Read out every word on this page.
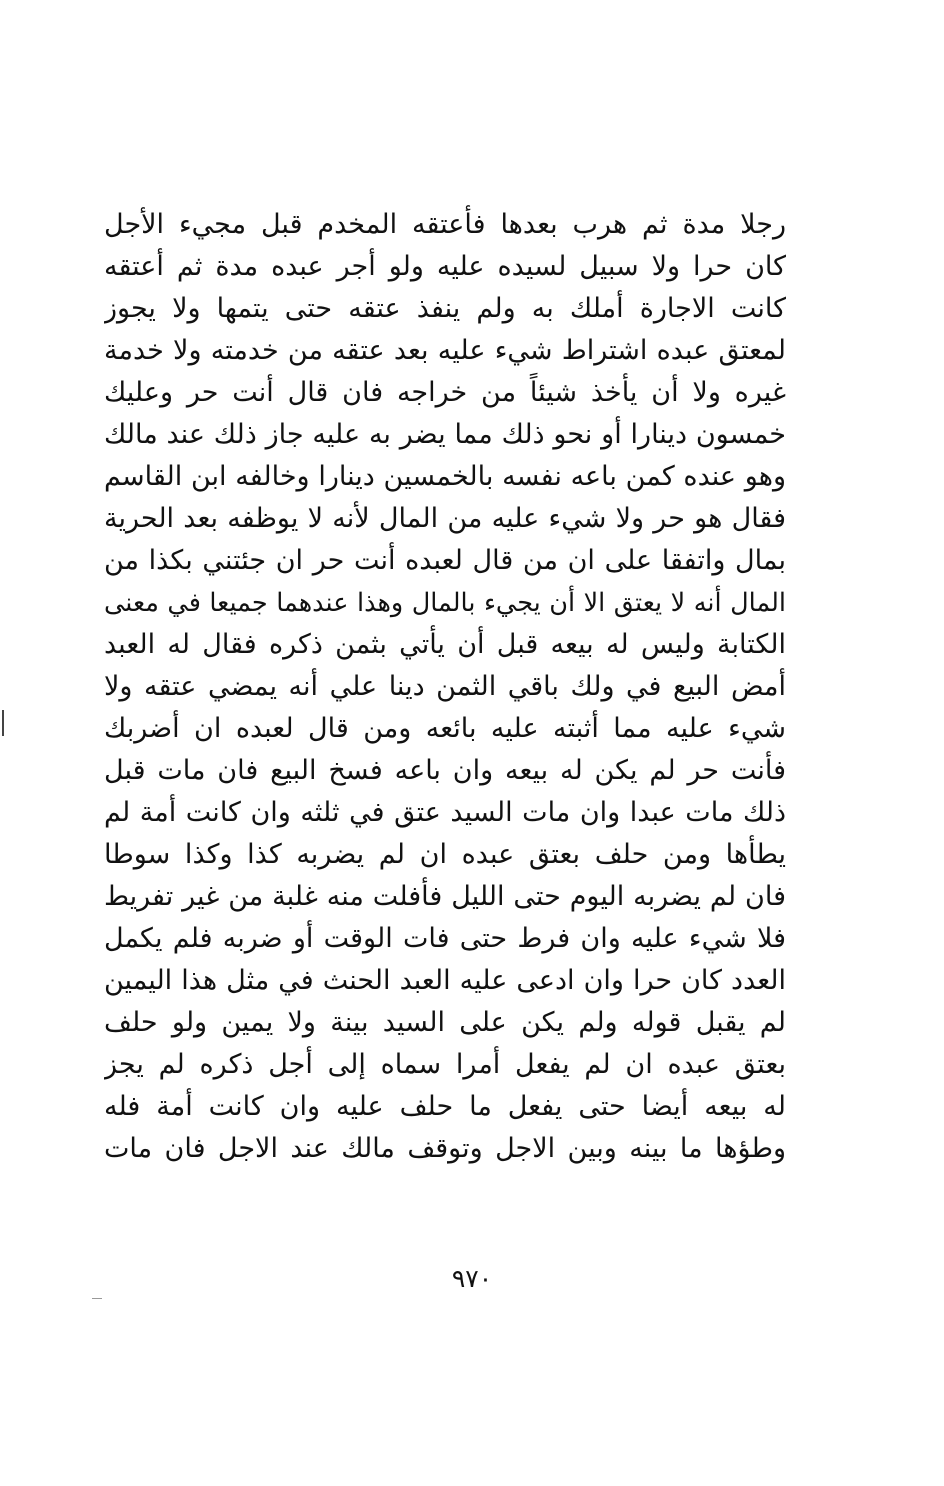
رجلا مدة ثم هرب بعدها فأعتقه المخدم قبل مجيء الأجل
كان حرا ولا سبيل لسيده عليه ولو أجر عبده مدة ثم أعتقه
كانت الاجارة أملك به ولم ينفذ عتقه حتى يتمها ولا يجوز
لمعتق عبده اشتراط شيء عليه بعد عتقه من خدمته ولا خدمة
غيره ولا أن يأخذ شيئاً من خراجه فان قال أنت حر وعليك
خمسون دينارا أو نحو ذلك مما يضر به عليه جاز ذلك عند مالك
وهو عنده كمن باعه نفسه بالخمسين دينارا وخالفه ابن القاسم
فقال هو حر ولا شيء عليه من المال لأنه لا يوظفه بعد الحرية
بمال واتفقا على ان من قال لعبده أنت حر ان جئتني بكذا من
المال أنه لا يعتق الا أن يجيء بالمال وهذا عندهما جميعا في معنى
الكتابة وليس له بيعه قبل أن يأتي بثمن ذكره فقال له العبد
أمض البيع في ولك باقي الثمن دينا علي أنه يمضي عتقه ولا
شيء عليه مما أثبته عليه بائعه ومن قال لعبده ان أضربك
فأنت حر لم يكن له بيعه وان باعه فسخ البيع فان مات قبل
ذلك مات عبدا وان مات السيد عتق في ثلثه وان كانت أمة لم
يطأها ومن حلف بعتق عبده ان لم يضربه كذا وكذا سوطا
فان لم يضربه اليوم حتى الليل فأفلت منه غلبة من غير تفريط
فلا شيء عليه وان فرط حتى فات الوقت أو ضربه فلم يكمل
العدد كان حرا وان ادعى عليه العبد الحنث في مثل هذا اليمين
لم يقبل قوله ولم يكن على السيد بينة ولا يمين ولو حلف
بعتق عبده ان لم يفعل أمرا سماه إلى أجل ذكره لم يجز
له بيعه أيضا حتى يفعل ما حلف عليه وان كانت أمة فله
وطؤها ما بينه وبين الاجل وتوقف مالك عند الاجل فان مات
٩٧٠
